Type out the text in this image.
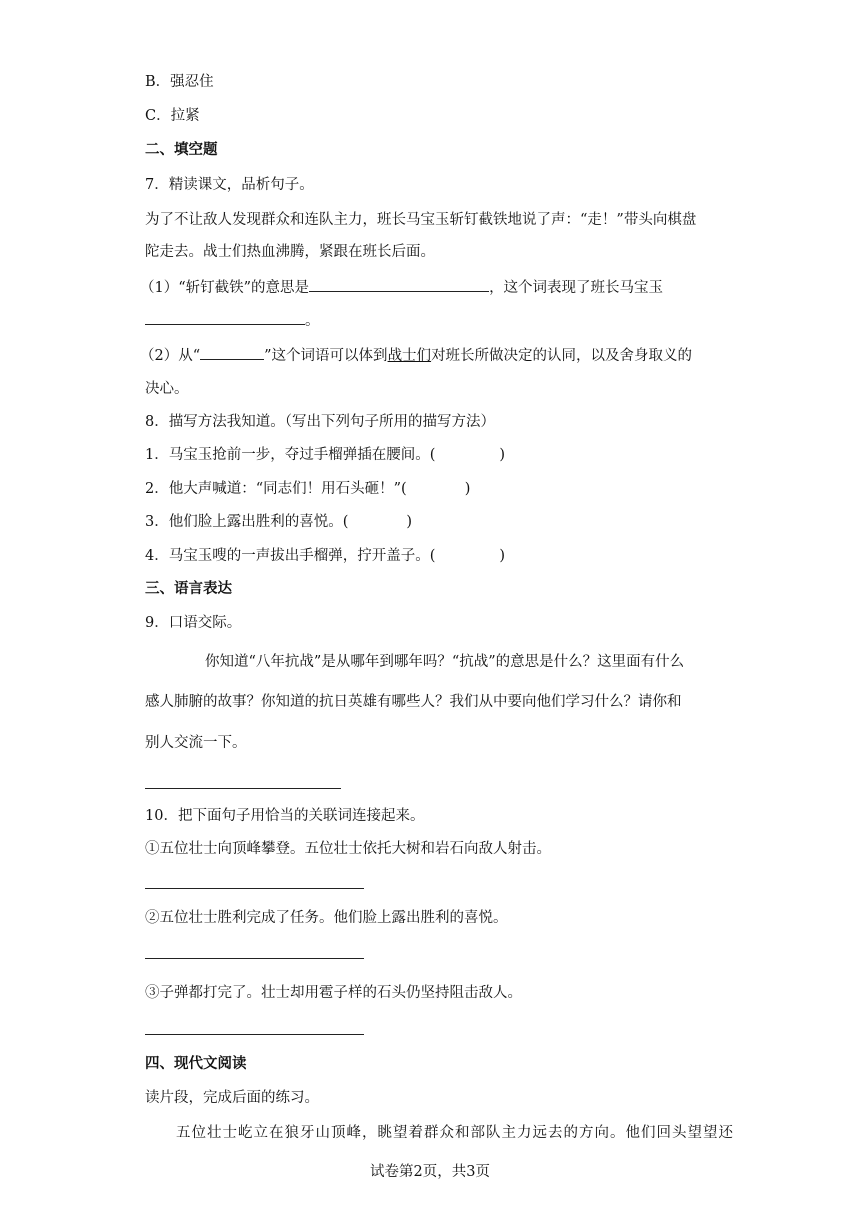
B．强忍住
C．拉紧
二、填空题
7．精读课文，品析句子。
为了不让敌人发现群众和连队主力，班长马宝玉斩钉截铁地说了声：“走！”带头向棋盘
陀走去。战士们热血沸腾，紧跟在班长后面。
（1）“斩钉截铁”的意思是	，这个词表现了班长马宝玉
。
（2）从“	”这个词语可以体到战士们对班长所做决定的认同，以及舍身取义的
决心。
8．描写方法我知道。（写出下列句子所用的描写方法）
1．马宝玉抢前一步，夺过手榴弹插在腰间。(	)
2．他大声喊道：“同志们！用石头砸！”(	)
3．他们脸上露出胜利的喜悦。(	)
4．马宝玉嗖的一声拔出手榴弹，拧开盖子。(	)
三、语言表达
9．口语交际。
你知道“八年抗战”是从哪年到哪年吗？“抗战”的意思是什么？这里面有什么
感人肺腑的故事？你知道的抗日英雄有哪些人？我们从中要向他们学习什么？请你和
别人交流一下。
10．把下面句子用恰当的关联词连接起来。
①五位壮士向顶峰攀登。五位壮士依托大树和岩石向敌人射击。
②五位壮士胜利完成了任务。他们脸上露出胜利的喜悦。
③子弹都打完了。壮士却用雹子样的石头仍坚持阻击敌人。
四、现代文阅读
读片段，完成后面的练习。
五位壮士屹立在狼牙山顶峰，眺望着群众和部队主力远去的方向。他们回头望望还
试卷第2页，共3页
